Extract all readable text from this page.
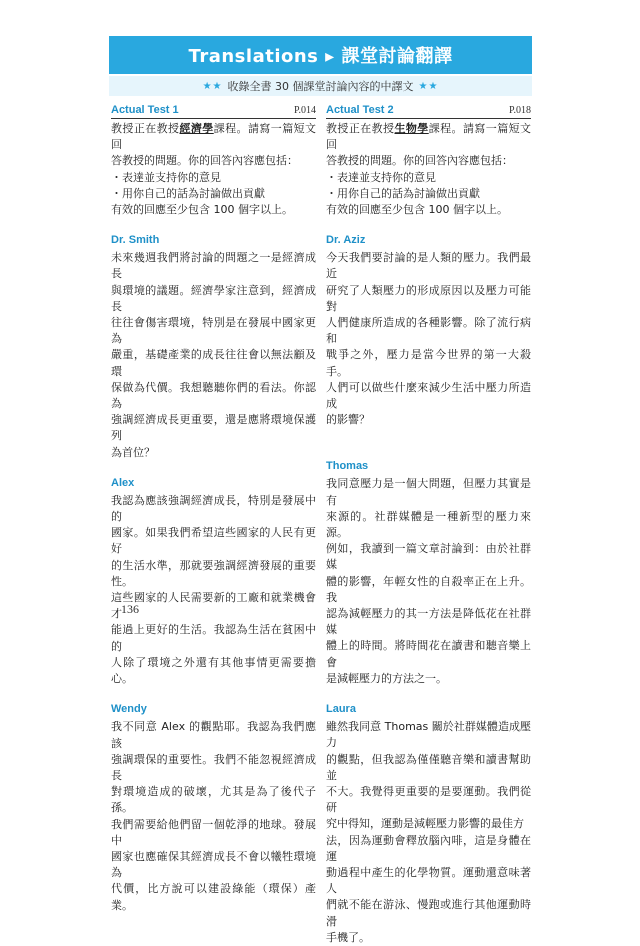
Translations ▸ 課堂討論翻譯
★★ 收錄全書 30 個課堂討論內容的中譯文 ★★
Actual Test 1	P.014
教授正在教授經濟學課程。請寫一篇短文回
答教授的問題。你的回答內容應包括：
・表達並支持你的意見
・用你自己的話為討論做出貢獻
有效的回應至少包含 100 個字以上。
Dr. Smith
未來幾週我們將討論的問題之一是經濟成長
與環境的議題。經濟學家注意到，經濟成長
往往會傷害環境，特別是在發展中國家更為
嚴重，基礎產業的成長往往會以無法顧及環
保做為代價。我想聽聽你們的看法。你認為
強調經濟成長更重要，還是應將環境保護列
為首位？
Alex
我認為應該強調經濟成長，特別是發展中的
國家。如果我們希望這些國家的人民有更好
的生活水準，那就要強調經濟發展的重要性。
這些國家的人民需要新的工廠和就業機會才
能過上更好的生活。我認為生活在貧困中的
人除了環境之外還有其他事情更需要擔心。
Wendy
我不同意 Alex 的觀點耶。我認為我們應該
強調環保的重要性。我們不能忽視經濟成長
對環境造成的破壞，尤其是為了後代子孫。
我們需要給他們留一個乾淨的地球。發展中
國家也應確保其經濟成長不會以犧牲環境為
代價，比方說可以建設綠能（環保）產業。
Actual Test 2	P.018
教授正在教授生物學課程。請寫一篇短文回
答教授的問題。你的回答內容應包括：
・表達並支持你的意見
・用你自己的話為討論做出貢獻
有效的回應至少包含 100 個字以上。
Dr. Aziz
今天我們要討論的是人類的壓力。我們最近
研究了人類壓力的形成原因以及壓力可能對
人們健康所造成的各種影響。除了流行病和
戰爭之外，壓力是當今世界的第一大殺手。
人們可以做些什麼來減少生活中壓力所造成
的影響？
Thomas
我同意壓力是一個大問題，但壓力其實是有
來源的。社群媒體是一種新型的壓力來源。
例如，我讀到一篇文章討論到：由於社群媒
體的影響，年輕女性的自殺率正在上升。我
認為減輕壓力的其一方法是降低花在社群媒
體上的時間。將時間花在讀書和聽音樂上會
是減輕壓力的方法之一。
Laura
雖然我同意 Thomas 關於社群媒體造成壓力
的觀點，但我認為僅僅聽音樂和讀書幫助並
不大。我覺得更重要的是要運動。我們從研
究中得知，運動是減輕壓力影響的最佳方
法，因為運動會釋放腦內啡，這是身體在運
動過程中產生的化學物質。運動還意味著人
們就不能在游泳、慢跑或進行其他運動時滑
手機了。
136
